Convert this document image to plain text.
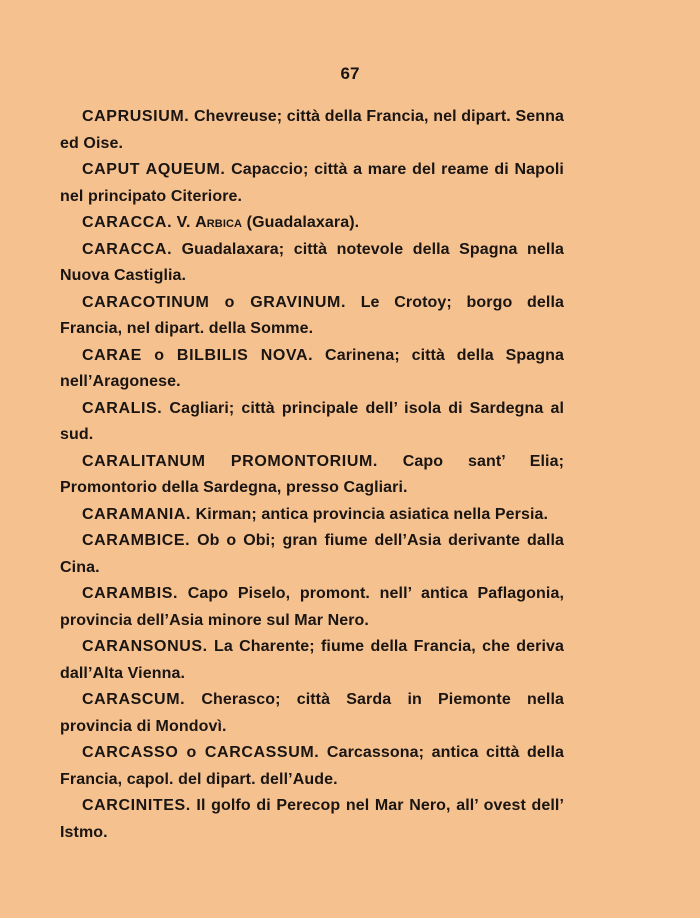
67

CAPRUSIUM. Chevreuse; città della Francia, nel dipart. Senna ed Oise.

CAPUT AQUEUM. Capaccio; città a mare del reame di Napoli nel principato Citeriore.

CARACCA. V. Arbica (Guadalaxara).

CARACCA. Guadalaxara; città notevole della Spagna nella Nuova Castiglia.

CARACOTINUM o GRAVINUM. Le Crotoy; borgo della Francia, nel dipart. della Somme.

CARAE o BILBILIS NOVA. Carinena; città della Spagna nell’Aragonese.

CARALIS. Cagliari; città principale dell’ isola di Sardegna al sud.

CARALITANUM PROMONTORIUM. Capo sant’ Elia; Promontorio della Sardegna, presso Cagliari.

CARAMANIA. Kirman; antica provincia asiatica nella Persia.

CARAMBICE. Ob o Obi; gran fiume dell’Asia derivante dalla Cina.

CARAMBIS. Capo Piselo, promont. nell’ antica Paflagonia, provincia dell’Asia minore sul Mar Nero.

CARANSONUS. La Charente; fiume della Francia, che deriva dall’Alta Vienna.

CARASCUM. Cherasco; città Sarda in Piemonte nella provincia di Mondovì.

CARCASSO o CARCASSUM. Carcassona; antica città della Francia, capol. del dipart. dell’Aude.

CARCINITES. Il golfo di Perecop nel Mar Nero, all’ ovest dell’ Istmo.
